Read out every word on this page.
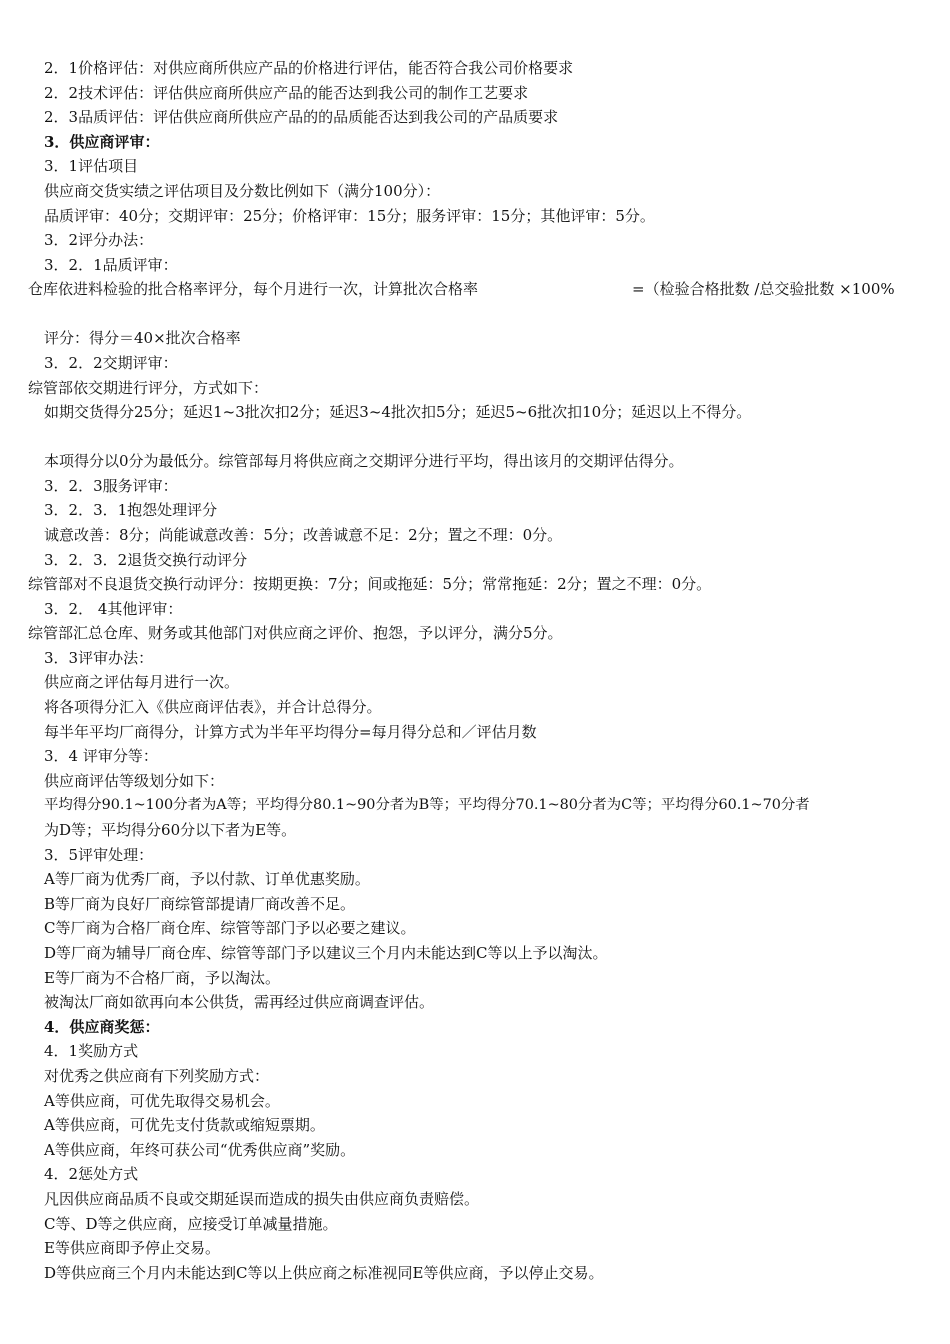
2．1价格评估：对供应商所供应产品的价格进行评估，能否符合我公司价格要求
2．2技术评估：评估供应商所供应产品的能否达到我公司的制作工艺要求
2．3品质评估：评估供应商所供应产品的的品质能否达到我公司的产品质要求
3．供应商评审：
3．1评估项目
供应商交货实绩之评估项目及分数比例如下（满分100分）：
品质评审：40分；交期评审：25分；价格评审：15分；服务评审：15分；其他评审：5分。
3．2评分办法：
3．2．1品质评审：
仓库依进料检验的批合格率评分，每个月进行一次，计算批次合格率	=（检验合格批数 /总交验批数 ×100%
评分：得分＝40×批次合格率
3．2．2交期评审：
综管部依交期进行评分，方式如下：
如期交货得分25分；延迟1~3批次扣2分；延迟3~4批次扣5分；延迟5~6批次扣10分；延迟以上不得分。
本项得分以0分为最低分。综管部每月将供应商之交期评分进行平均，得出该月的交期评估得分。
3．2．3服务评审：
3．2．3．1抱怨处理评分
诚意改善：8分；尚能诚意改善：5分；改善诚意不足：2分；置之不理：0分。
3．2．3．2退货交换行动评分
综管部对不良退货交换行动评分：按期更换：7分；间或拖延：5分；常常拖延：2分；置之不理：0分。
3．2． 4其他评审：
综管部汇总仓库、财务或其他部门对供应商之评价、抱怨，予以评分，满分5分。
3．3评审办法：
供应商之评估每月进行一次。
将各项得分汇入《供应商评估表》，并合计总得分。
每半年平均厂商得分，计算方式为半年平均得分=每月得分总和／评估月数
3．4 评审分等：
供应商评估等级划分如下：
平均得分90.1~100分者为A等；平均得分80.1~90分者为B等；平均得分70.1~80分者为C等；平均得分60.1~70分者
为D等；平均得分60分以下者为E等。
3．5评审处理：
A等厂商为优秀厂商，予以付款、订单优惠奖励。
B等厂商为良好厂商综管部提请厂商改善不足。
C等厂商为合格厂商仓库、综管等部门予以必要之建议。
D等厂商为辅导厂商仓库、综管等部门予以建议三个月内未能达到C等以上予以淘汰。
E等厂商为不合格厂商，予以淘汰。
被淘汰厂商如欲再向本公供货，需再经过供应商调查评估。
4．供应商奖惩：
4．1奖励方式
对优秀之供应商有下列奖励方式：
A等供应商，可优先取得交易机会。
A等供应商，可优先支付货款或缩短票期。
A等供应商，年终可获公司“优秀供应商”奖励。
4．2惩处方式
凡因供应商品质不良或交期延误而造成的损失由供应商负责赔偿。
C等、D等之供应商，应接受订单减量措施。
E等供应商即予停止交易。
D等供应商三个月内未能达到C等以上供应商之标准视同E等供应商，予以停止交易。
